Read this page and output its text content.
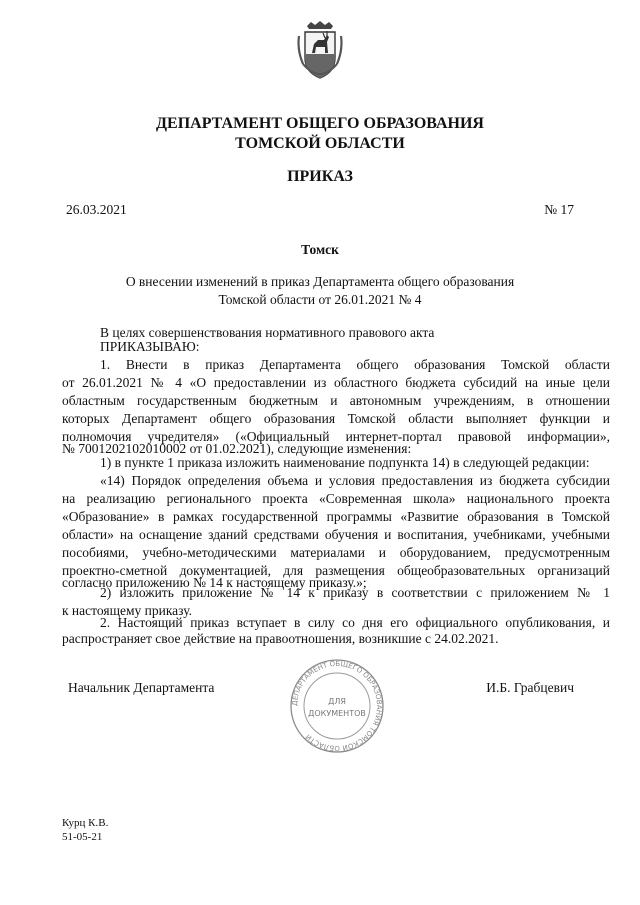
ДЕПАРТАМЕНТ ОБЩЕГО ОБРАЗОВАНИЯ
ТОМСКОЙ ОБЛАСТИ
ПРИКАЗ
26.03.2021	№ 17
Томск
О внесении изменений в приказ Департамента общего образования
Томской области от 26.01.2021 № 4
В целях совершенствования нормативного правового акта
ПРИКАЗЫВАЮ:
1. Внести в приказ Департамента общего образования Томской области
от 26.01.2021 № 4 «О предоставлении из областного бюджета субсидий на иные цели
областным государственным бюджетным и автономным учреждениям, в отношении
которых Департамент общего образования Томской области выполняет функции и
полномочия учредителя» («Официальный интернет-портал правовой информации»,
№ 7001202102010002 от 01.02.2021), следующие изменения:
1) в пункте 1 приказа изложить наименование подпункта 14) в следующей редакции:
«14) Порядок определения объема и условия предоставления из бюджета субсидии
на реализацию регионального проекта «Современная школа» национального проекта
«Образование» в рамках государственной программы «Развитие образования в Томской
области» на оснащение зданий средствами обучения и воспитания, учебниками, учебными
пособиями, учебно-методическими материалами и оборудованием, предусмотренным
проектно-сметной документацией, для размещения общеобразовательных организаций
согласно приложению № 14 к настоящему приказу.»;
2) изложить приложение № 14 к приказу в соответствии с приложением № 1
к настоящему приказу.
2. Настоящий приказ вступает в силу со дня его официального опубликования, и
распространяет свое действие на правоотношения, возникшие с 24.02.2021.
Начальник Департамента	И.Б. Грабцевич
ДЕПАРТАМЕНТ ОБЩЕГО ОБРАЗОВАНИЯ ТОМСКОЙ ОБЛАСТИ
ДЛЯ
ДОКУМЕНТОВ
Курц К.В.
51-05-21
